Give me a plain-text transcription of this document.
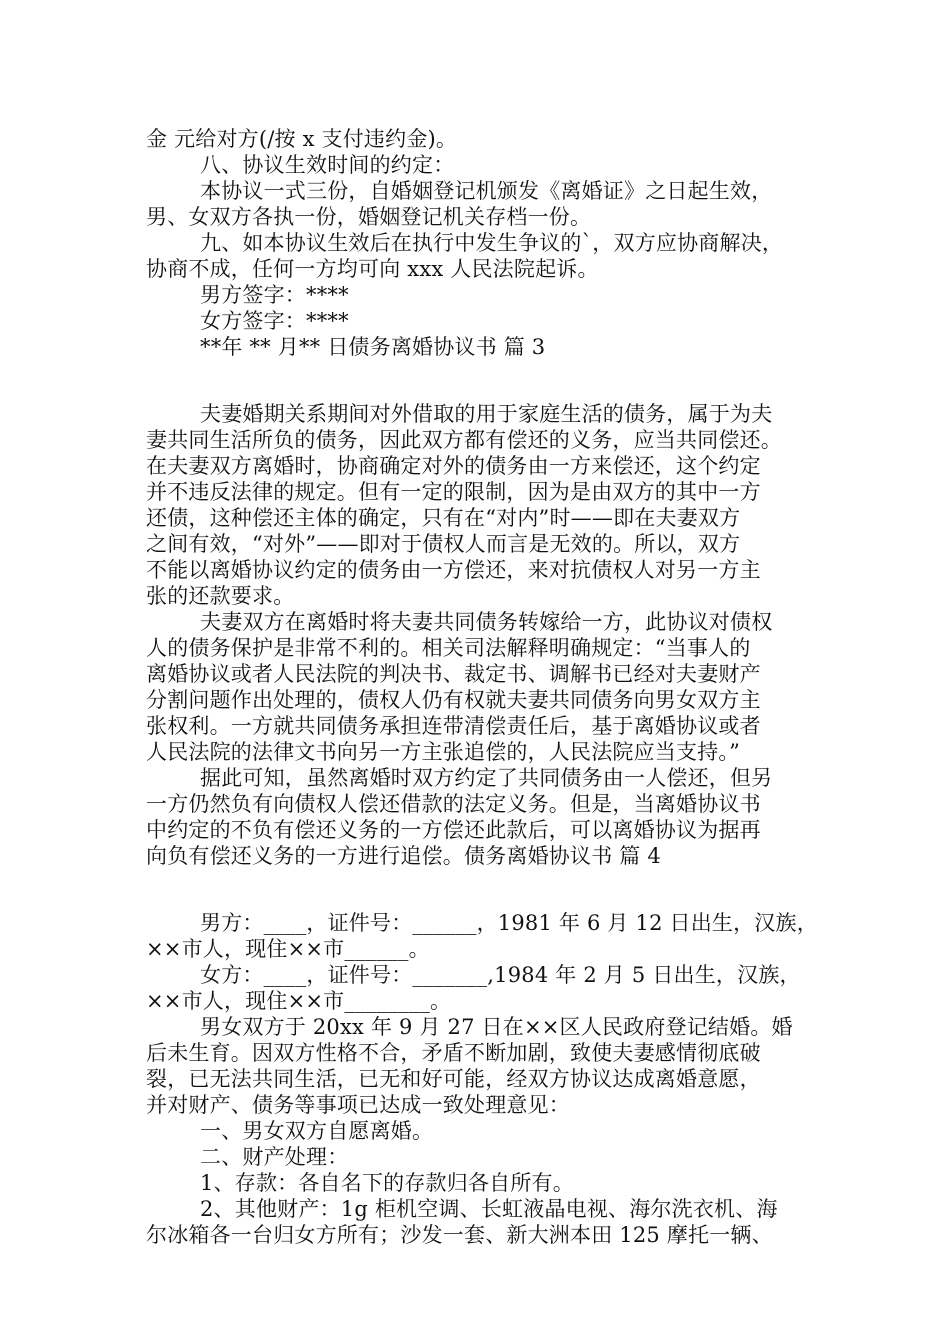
金 元给对方(/按 x 支付违约金)。
八、协议生效时间的约定：
本协议一式三份，自婚姻登记机颁发《离婚证》之日起生效，
男、女双方各执一份，婚姻登记机关存档一份。
九、如本协议生效后在执行中发生争议的`，双方应协商解决，
协商不成，任何一方均可向 xxx 人民法院起诉。
男方签字：****
女方签字：****
**年 ** 月** 日债务离婚协议书 篇 3
夫妻婚期关系期间对外借取的用于家庭生活的债务，属于为夫
妻共同生活所负的债务，因此双方都有偿还的义务，应当共同偿还。
在夫妻双方离婚时，协商确定对外的债务由一方来偿还，这个约定
并不违反法律的规定。但有一定的限制，因为是由双方的其中一方
还债，这种偿还主体的确定，只有在“对内”时——即在夫妻双方
之间有效，“对外”——即对于债权人而言是无效的。所以，双方
不能以离婚协议约定的债务由一方偿还，来对抗债权人对另一方主
张的还款要求。
夫妻双方在离婚时将夫妻共同债务转嫁给一方，此协议对债权
人的债务保护是非常不利的。相关司法解释明确规定：“当事人的
离婚协议或者人民法院的判决书、裁定书、调解书已经对夫妻财产
分割问题作出处理的，债权人仍有权就夫妻共同债务向男女双方主
张权利。一方就共同债务承担连带清偿责任后，基于离婚协议或者
人民法院的法律文书向另一方主张追偿的，人民法院应当支持。”
据此可知，虽然离婚时双方约定了共同债务由一人偿还，但另
一方仍然负有向债权人偿还借款的法定义务。但是，当离婚协议书
中约定的不负有偿还义务的一方偿还此款后，可以离婚协议为据再
向负有偿还义务的一方进行追偿。债务离婚协议书 篇 4
男方：____，证件号：______，1981 年 6 月 12 日出生，汉族，
××市人，现住××市______。
女方：____，证件号：_______,1984 年 2 月 5 日出生，汉族，
××市人，现住××市________。
男女双方于 20xx 年 9 月 27 日在××区人民政府登记结婚。婚
后未生育。因双方性格不合，矛盾不断加剧，致使夫妻感情彻底破
裂，已无法共同生活，已无和好可能，经双方协议达成离婚意愿，
并对财产、债务等事项已达成一致处理意见：
一、男女双方自愿离婚。
二、财产处理：
1、存款：各自名下的存款归各自所有。
2、其他财产：1g 柜机空调、长虹液晶电视、海尔洗衣机、海
尔冰箱各一台归女方所有；沙发一套、新大洲本田 125 摩托一辆、
